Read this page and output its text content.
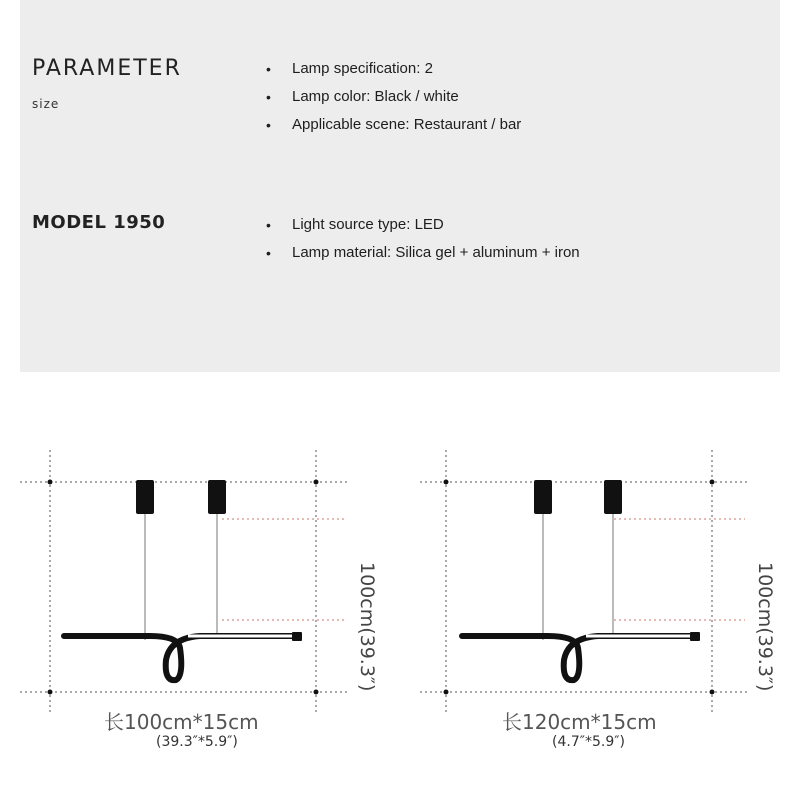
PARAMETER
size
MODEL 1950
• Lamp specification: 2
• Lamp color: Black / white
• Applicable scene: Restaurant / bar
• Light source type: LED
• Lamp material: Silica gel + aluminum + iron
长100cm*15cm
(39.3″*5.9″)
长120cm*15cm
(4.7″*5.9″)
100cm(39.3″)	100cm(39.3″)
